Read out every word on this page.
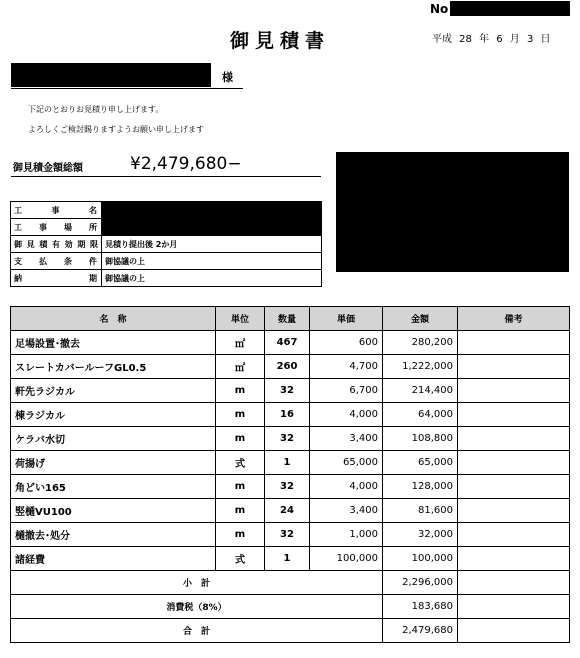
No
御見積書	平成 28 年 6 月 3 日
様
下記のとおりお見積り申し上げます。
よろしくご検討賜りますようお願い申し上げます
御見積金額総額	¥2,479,680−
工事名	
工事場所	
御見積有効期限	見積り提出後 2か月
支払条件	御協議の上
納期	御協議の上
名　称	単位	数量	単価	金額	備考
足場設置･撤去	㎡	467	600	280,200	
スレートカバールーフGL0.5	㎡	260	4,700	1,222,000	
軒先ラジカル	m	32	6,700	214,400	
棟ラジカル	m	16	4,000	64,000	
ケラバ水切	m	32	3,400	108,800	
荷揚げ	式	1	65,000	65,000	
角どい165	m	32	4,000	128,000	
竪樋VU100	m	24	3,400	81,600	
樋撤去･処分	m	32	1,000	32,000	
諸経費	式	1	100,000	100,000	
小　計				2,296,000	
消費税（8%）				183,680	
合　計				2,479,680	
